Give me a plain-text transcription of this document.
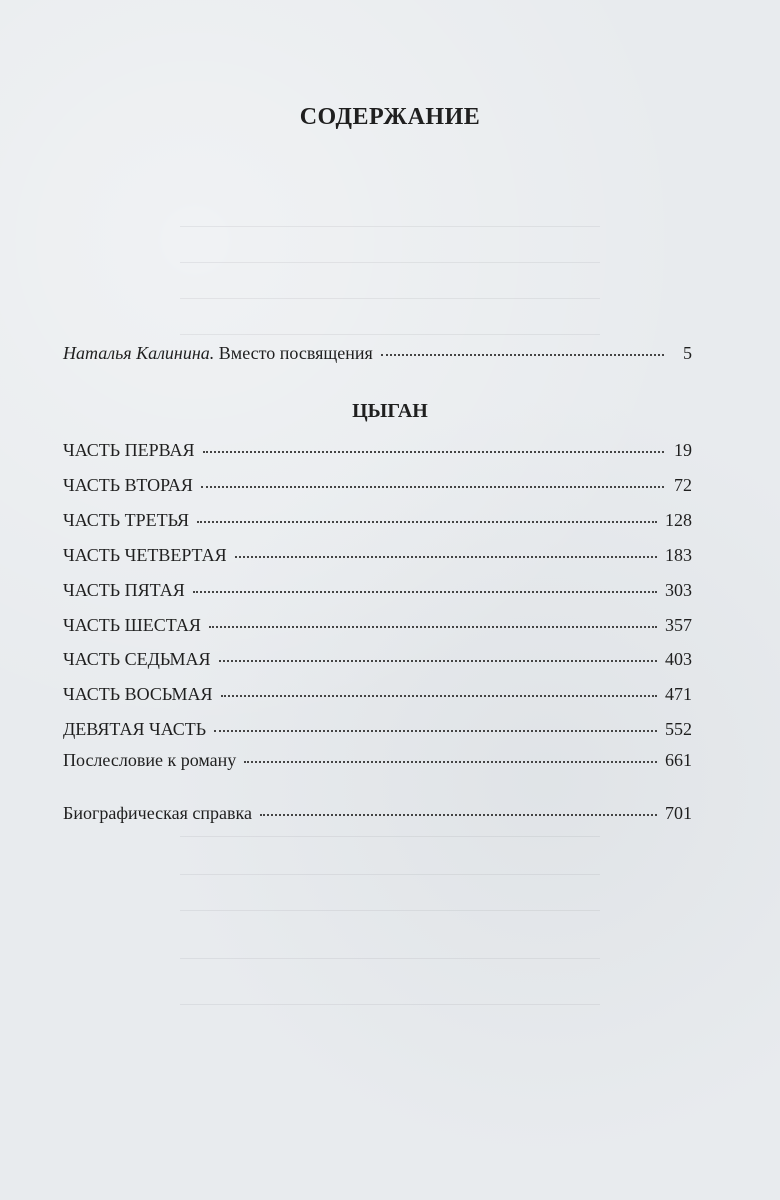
СОДЕРЖАНИЕ
Наталья Калинина. Вместо посвящения	5
ЦЫГАН
ЧАСТЬ ПЕРВАЯ	19
ЧАСТЬ ВТОРАЯ	72
ЧАСТЬ ТРЕТЬЯ	128
ЧАСТЬ ЧЕТВЕРТАЯ	183
ЧАСТЬ ПЯТАЯ	303
ЧАСТЬ ШЕСТАЯ	357
ЧАСТЬ СЕДЬМАЯ	403
ЧАСТЬ ВОСЬМАЯ	471
ДЕВЯТАЯ ЧАСТЬ	552
Послесловие к роману	661
Биографическая справка	701
